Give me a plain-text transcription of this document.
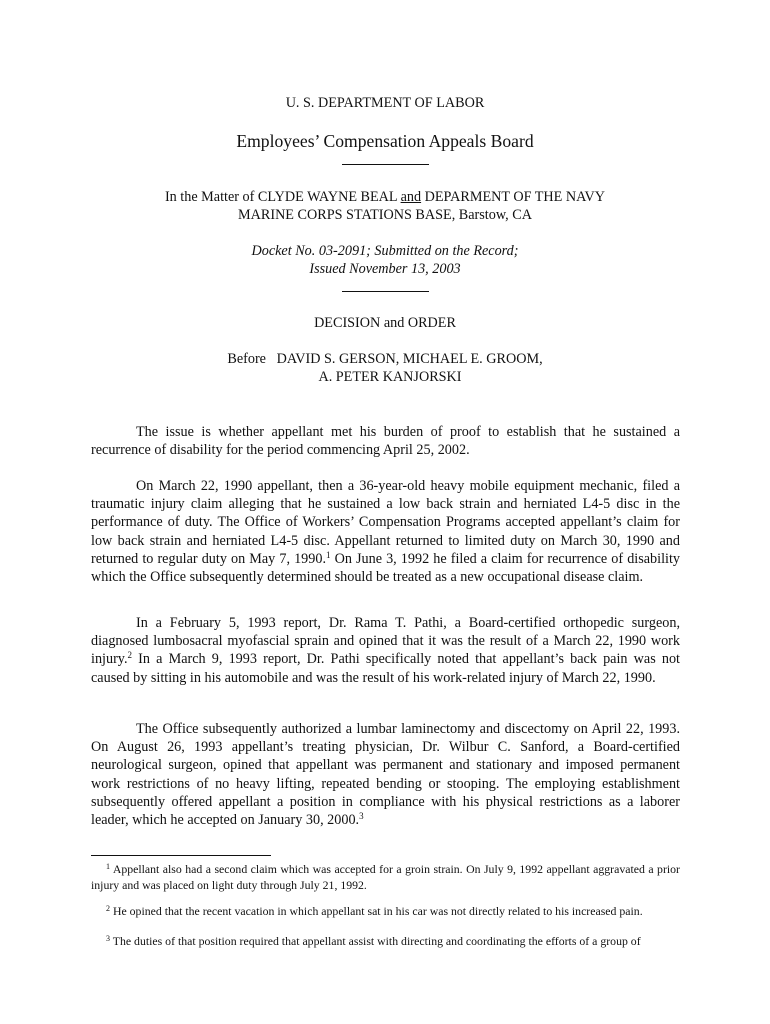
U. S. DEPARTMENT OF LABOR

Employees’ Compensation Appeals Board

In the Matter of CLYDE WAYNE BEAL and DEPARMENT OF THE NAVY

MARINE CORPS STATIONS BASE, Barstow, CA

Docket No. 03-2091; Submitted on the Record;

Issued November 13, 2003

DECISION and ORDER

Before DAVID S. GERSON, MICHAEL E. GROOM,

A. PETER KANJORSKI

The issue is whether appellant met his burden of proof to establish that he sustained a recurrence of disability for the period commencing April 25, 2002.

On March 22, 1990 appellant, then a 36-year-old heavy mobile equipment mechanic, filed a traumatic injury claim alleging that he sustained a low back strain and herniated L4-5 disc in the performance of duty. The Office of Workers’ Compensation Programs accepted appellant’s claim for low back strain and herniated L4-5 disc. Appellant returned to limited duty on March 30, 1990 and returned to regular duty on May 7, 1990.$^1$ On June 3, 1992 he filed a claim for recurrence of disability which the Office subsequently determined should be treated as a new occupational disease claim.

In a February 5, 1993 report, Dr. Rama T. Pathi, a Board-certified orthopedic surgeon, diagnosed lumbosacral myofascial sprain and opined that it was the result of a March 22, 1990 work injury.$^2$ In a March 9, 1993 report, Dr. Pathi specifically noted that appellant’s back pain was not caused by sitting in his automobile and was the result of his work-related injury of March 22, 1990.

The Office subsequently authorized a lumbar laminectomy and discectomy on April 22, 1993. On August 26, 1993 appellant’s treating physician, Dr. Wilbur C. Sanford, a Board-certified neurological surgeon, opined that appellant was permanent and stationary and imposed permanent work restrictions of no heavy lifting, repeated bending or stooping. The employing establishment subsequently offered appellant a position in compliance with his physical restrictions as a laborer leader, which he accepted on January 30, 2000.$^3$

$^1$ Appellant also had a second claim which was accepted for a groin strain. On July 9, 1992 appellant aggravated a prior injury and was placed on light duty through July 21, 1992.

$^2$ He opined that the recent vacation in which appellant sat in his car was not directly related to his increased pain.

$^3$ The duties of that position required that appellant assist with directing and coordinating the efforts of a group of
